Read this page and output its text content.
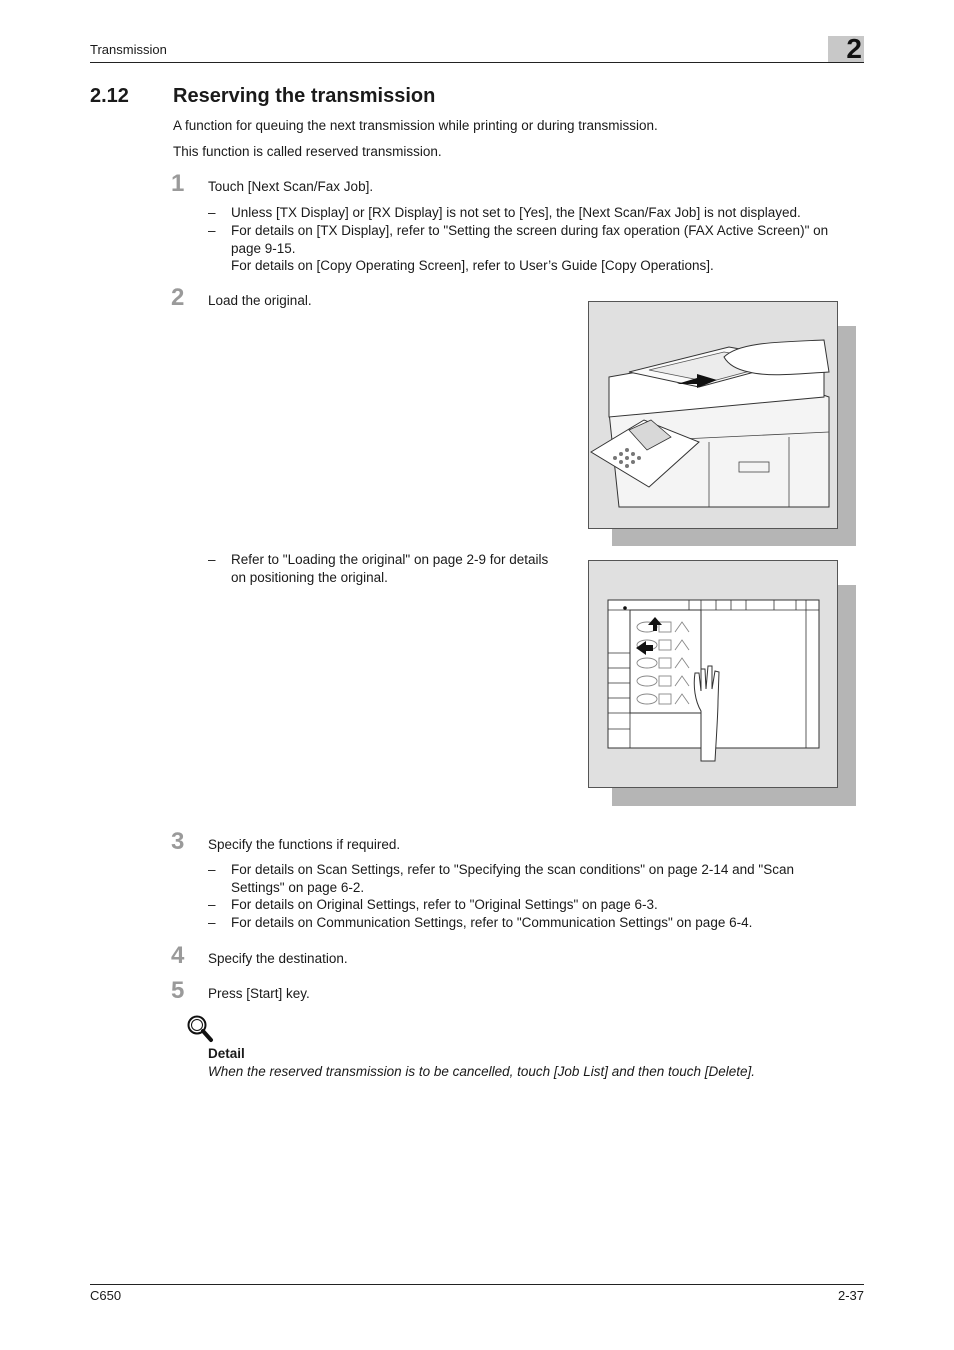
Transmission	2
2.12 Reserving the transmission
A function for queuing the next transmission while printing or during transmission.
This function is called reserved transmission.
1 Touch [Next Scan/Fax Job].
– Unless [TX Display] or [RX Display] is not set to [Yes], the [Next Scan/Fax Job] is not displayed.
– For details on [TX Display], refer to "Setting the screen during fax operation (FAX Active Screen)" on
page 9-15.
For details on [Copy Operating Screen], refer to User’s Guide [Copy Operations].
2 Load the original.
– Refer to "Loading the original" on page 2-9 for details
on positioning the original.
3 Specify the functions if required.
– For details on Scan Settings, refer to "Specifying the scan conditions" on page 2-14 and "Scan
Settings" on page 6-2.
– For details on Original Settings, refer to "Original Settings" on page 6-3.
– For details on Communication Settings, refer to "Communication Settings" on page 6-4.
4 Specify the destination.
5 Press [Start] key.
Detail
When the reserved transmission is to be cancelled, touch [Job List] and then touch [Delete].
C650	2-37
